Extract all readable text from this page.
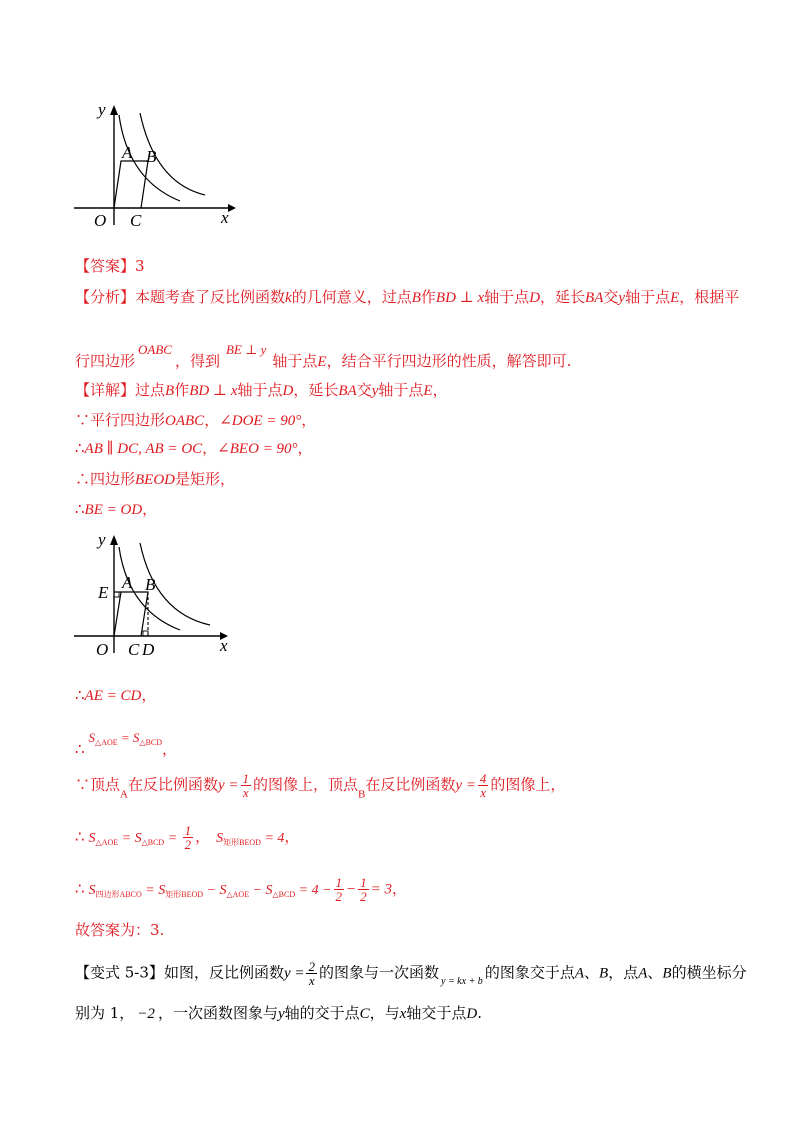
y
x
O
A B
C
【答案】3
【分析】本题考查了反比例函数k的几何意义，过点B作BD ⊥ x轴于点D，延长BA交y轴于点E，根据平
行四边形OABC，得到BE ⊥ y轴于点E，结合平行四边形的性质，解答即可.
【详解】过点B作BD ⊥ x轴于点D，延长BA交y轴于点E，
∵平行四边形OABC，∠DOE = 90°，
∴AB ∥ DC, AB = OC，∠BEO = 90°，
∴四边形BEOD是矩形，
∴BE = OD，
y
x
O
E
A B
C D
∴AE = CD，
$\therefore S_{\triangle AOE} = S_{\triangle BCD}$，
∵顶点$_A$在反比例函数$y = \frac{1}{x}$ 的图像上，顶点$_B$在反比例函数$y = \frac{4}{x}$ 的图像上，
∴ $S_{\triangle AOE} = S_{\triangle BCD} = \frac{1}{2}$ ， $S_{矩形BEOD} = 4$，
∴ $S_{四边形ABCO} = S_{矩形BEOD} - S_{\triangle AOE} - S_{\triangle BCD} = 4 - \frac{1}{2} - \frac{1}{2} = 3$，
故答案为：3.
【变式 5-3】如图，反比例函数$y = \frac{2}{x}$ 的图象与一次函数 $_{y = kx + b}$ 的图象交于点A、B，点A、B的横坐标分
别为 1， −2 ，一次函数图象与y轴的交于点C，与x轴交于点D.
